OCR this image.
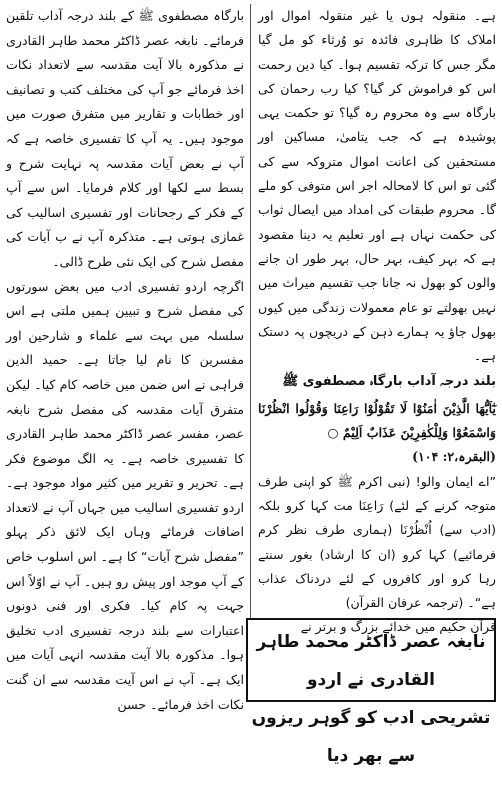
ہے۔ منقولہ ہوں یا غیر منقولہ اموال اور املاک کا ظاہری فائدہ تو وُرثاء کو مل گیا مگر جس کا ترکہ تقسیم ہوا۔ کیا دین رحمت اس کو فراموش کر گیا؟ کیا رب رحمان کی بارگاہ سے وہ محروم رہ گیا؟ تو حکمت یہی پوشیدہ ہے کہ جب یتامیٰ، مساکین اور مستحقین کی اعانت اموال متروکہ سے کی گئی تو اس کا لامحالہ اجر اس متوفی کو ملے گا۔ محروم طبقات کی امداد میں ایصال ثواب کی حکمت نہاں ہے اور تعلیم یہ دینا مقصود ہے کہ بہر کیف، بہر حال، بہر طور ان جانے والوں کو بھول نہ جانا جب تقسیم میراث میں نہیں بھولتے تو عام معمولات زندگی میں کیوں بھول جاؤ یہ ہمارے ذہن کے دریچوں پہ دستک ہے۔

بلند درجہ آداب بارگاہ مصطفوی ﷺ

يٰٓاَيُّهَا الَّذِيْنَ اٰمَنُوْا لَا تَقُوْلُوْا رَاعِنَا وَقُوْلُوا انْظُرْنَا وَاسْمَعُوْا وَلِلْكٰفِرِيْنَ عَذَابٌ اَلِيْمٌ ○

(البقرہ،۲: ۱۰۴)

”اے ایمان والو! (نبی اکرم ﷺ کو اپنی طرف متوجہ کرنے کے لئے) رَاعِنَا مت کہا کرو بلکہ (ادب سے) اُنْظُرْنَا (ہماری طرف نظر کرم فرمائیے) کہا کرو (ان کا ارشاد) بغور سنتے رہا کرو اور کافروں کے لئے دردناک عذاب ہے“۔ (ترجمہ عرفان القرآن)

قرآن حکیم میں خدائے بزرگ و برتر نے

بارگاہ مصطفوی ﷺ کے بلند درجہ آداب تلقین فرمائے۔ نابغہ عصر ڈاکٹر محمد طاہر القادری نے مذکورہ بالا آیت مقدسہ سے لاتعداد نکات اخذ فرمائے جو آپ کی مختلف کتب و تصانیف اور خطابات و تقاریر میں متفرق صورت میں موجود ہیں۔ یہ آپ کا تفسیری خاصہ ہے کہ آپ نے بعض آیات مقدسہ پہ نہایت شرح و بسط سے لکھا اور کلام فرمایا۔ اس سے آپ کے فکر کے رجحانات اور تفسیری اسالیب کی غمازی ہوتی ہے۔ متذکرہ آپ نے ب آیات کی مفصل شرح کی ایک نئی طرح ڈالی۔

اگرچہ اردو تفسیری ادب میں بعض سورتوں کی مفصل شرح و تبیین ہمیں ملتی ہے اس سلسلہ میں بہت سے علماء و شارحین اور مفسرین کا نام لیا جاتا ہے۔ حمید الدین فراہی نے اس ضمن میں خاصہ کام کیا۔ لیکن متفرق آیات مقدسہ کی مفصل شرح نابغہ عصر، مفسر عصر ڈاکٹر محمد طاہر القادری کا تفسیری خاصہ ہے۔ یہ الگ موضوع فکر ہے۔ تحریر و تقریر میں کثیر مواد موجود ہے۔ اردو تفسیری اسالیب میں جہاں آپ نے لاتعداد اضافات فرمائے وہاں ایک لائق ذکر پہلو ”مفصل شرح آیات“ کا ہے۔ اس اسلوب خاص کے آپ موجد اور پیش رو ہیں۔ آپ نے اوّلاً اس جہت پہ کام کیا۔ فکری اور فنی دونوں اعتبارات سے بلند درجہ تفسیری ادب تخلیق ہوا۔ مذکورہ بالا آیت مقدسہ انہی آیات میں ایک ہے۔ آپ نے اس آیت مقدسہ سے ان گنت نکات اخذ فرمائے۔ حسن

نابغہ عصر ڈاکٹر محمد طاہر القادری نے اردو
تشریحی ادب کو گوہر ریزوں سے بھر دیا
